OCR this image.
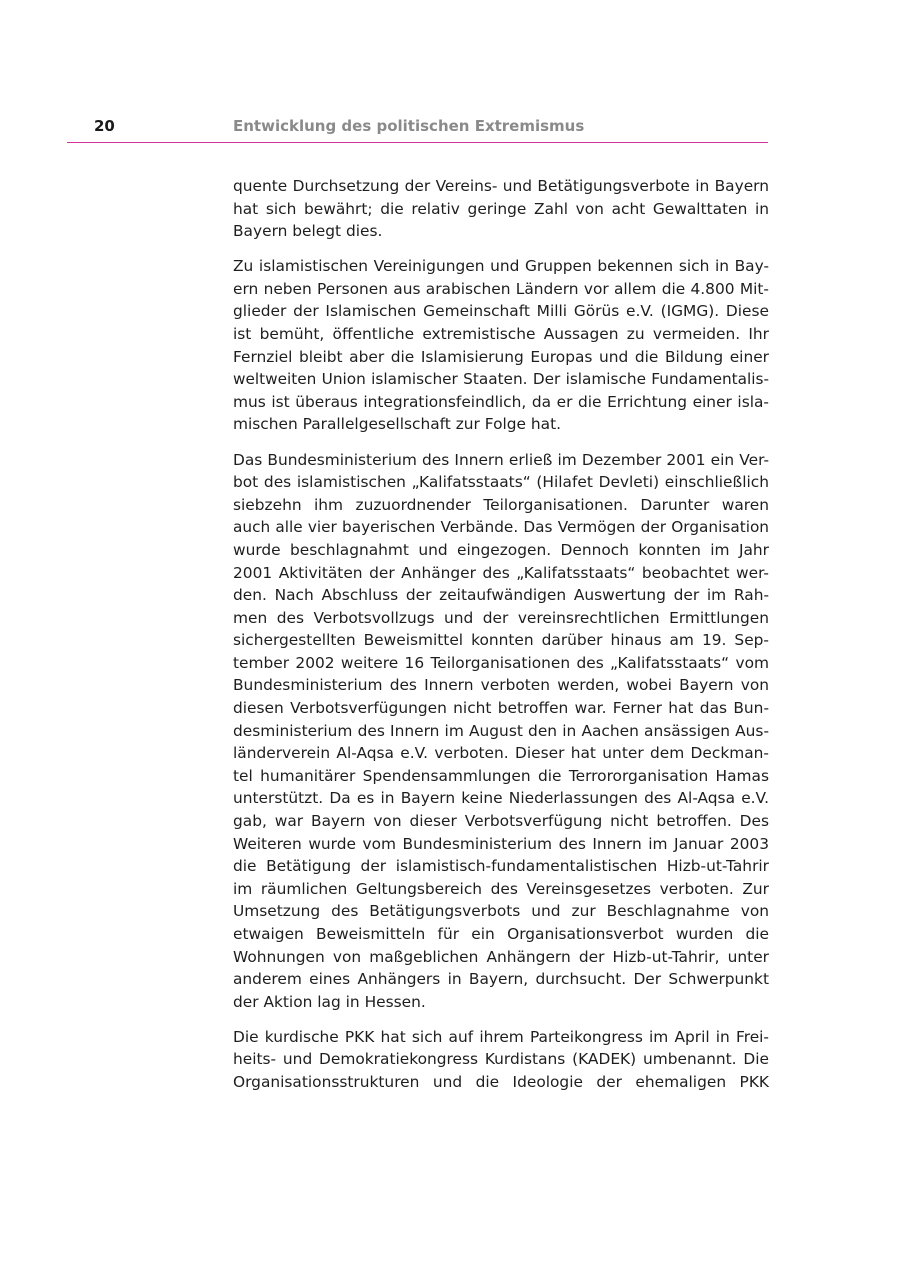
20	Entwicklung des politischen Extremismus
quente Durchsetzung der Vereins- und Betätigungsverbote in Bayern
hat sich bewährt; die relativ geringe Zahl von acht Gewalttaten in
Bayern belegt dies.
Zu islamistischen Vereinigungen und Gruppen bekennen sich in Bay-
ern neben Personen aus arabischen Ländern vor allem die 4.800 Mit-
glieder der Islamischen Gemeinschaft Milli Görüs e.V. (IGMG). Diese
ist bemüht, öffentliche extremistische Aussagen zu vermeiden. Ihr
Fernziel bleibt aber die Islamisierung Europas und die Bildung einer
weltweiten Union islamischer Staaten. Der islamische Fundamentalis-
mus ist überaus integrationsfeindlich, da er die Errichtung einer isla-
mischen Parallelgesellschaft zur Folge hat.
Das Bundesministerium des Innern erließ im Dezember 2001 ein Ver-
bot des islamistischen „Kalifatsstaats“ (Hilafet Devleti) einschließlich
siebzehn ihm zuzuordnender Teilorganisationen. Darunter waren
auch alle vier bayerischen Verbände. Das Vermögen der Organisation
wurde beschlagnahmt und eingezogen. Dennoch konnten im Jahr
2001 Aktivitäten der Anhänger des „Kalifatsstaats“ beobachtet wer-
den. Nach Abschluss der zeitaufwändigen Auswertung der im Rah-
men des Verbotsvollzugs und der vereinsrechtlichen Ermittlungen
sichergestellten Beweismittel konnten darüber hinaus am 19. Sep-
tember 2002 weitere 16 Teilorganisationen des „Kalifatsstaats“ vom
Bundesministerium des Innern verboten werden, wobei Bayern von
diesen Verbotsverfügungen nicht betroffen war. Ferner hat das Bun-
desministerium des Innern im August den in Aachen ansässigen Aus-
länderverein Al-Aqsa e.V. verboten. Dieser hat unter dem Deckman-
tel humanitärer Spendensammlungen die Terrororganisation Hamas
unterstützt. Da es in Bayern keine Niederlassungen des Al-Aqsa e.V.
gab, war Bayern von dieser Verbotsverfügung nicht betroffen. Des
Weiteren wurde vom Bundesministerium des Innern im Januar 2003
die Betätigung der islamistisch-fundamentalistischen Hizb-ut-Tahrir
im räumlichen Geltungsbereich des Vereinsgesetzes verboten. Zur
Umsetzung des Betätigungsverbots und zur Beschlagnahme von
etwaigen Beweismitteln für ein Organisationsverbot wurden die
Wohnungen von maßgeblichen Anhängern der Hizb-ut-Tahrir, unter
anderem eines Anhängers in Bayern, durchsucht. Der Schwerpunkt
der Aktion lag in Hessen.
Die kurdische PKK hat sich auf ihrem Parteikongress im April in Frei-
heits- und Demokratiekongress Kurdistans (KADEK) umbenannt. Die
Organisationsstrukturen und die Ideologie der ehemaligen PKK
